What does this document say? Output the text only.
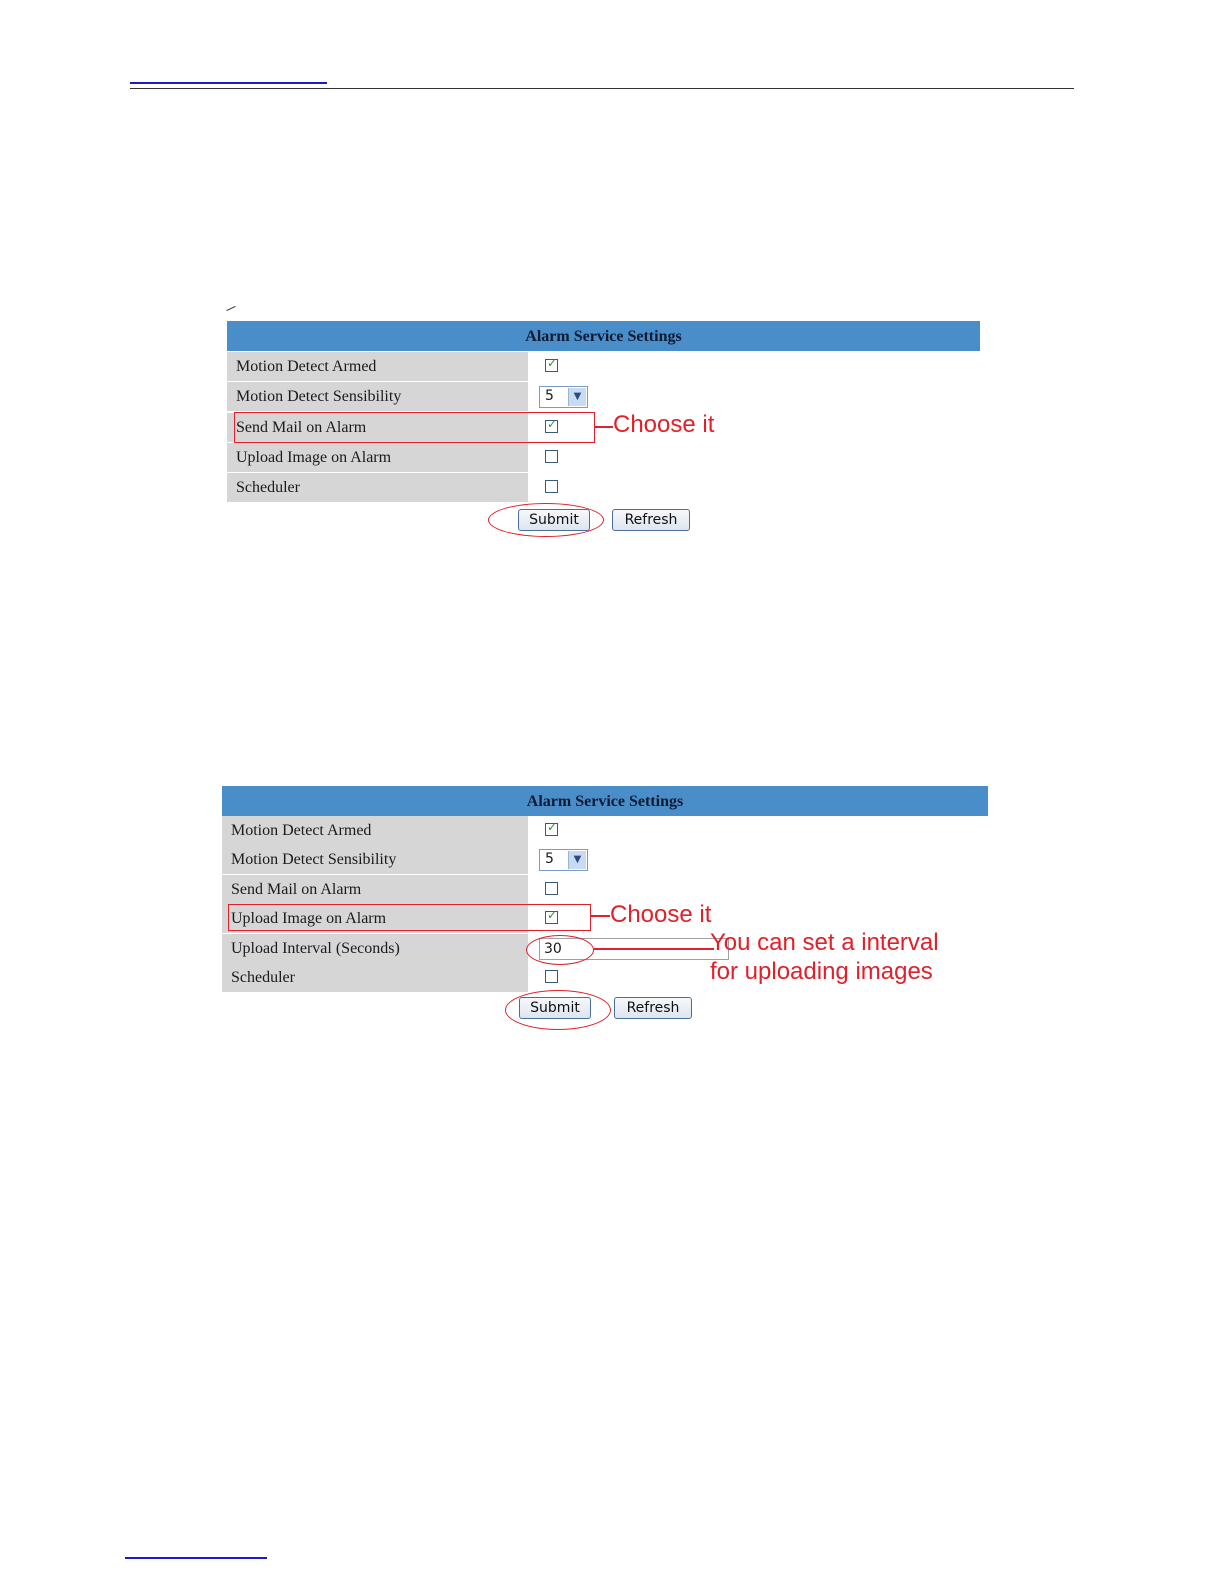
Alarm Service Settings
Motion Detect Armed	✓
Motion Detect Sensibility	5	▼
Send Mail on Alarm	✓
Upload Image on Alarm
Scheduler
Submit	Refresh
Choose it
Alarm Service Settings
Motion Detect Armed	✓
Motion Detect Sensibility	5	▼
Send Mail on Alarm
Upload Image on Alarm	✓
Upload Interval (Seconds)	30
Scheduler
Submit	Refresh
Choose it
You can set a interval
for uploading images
